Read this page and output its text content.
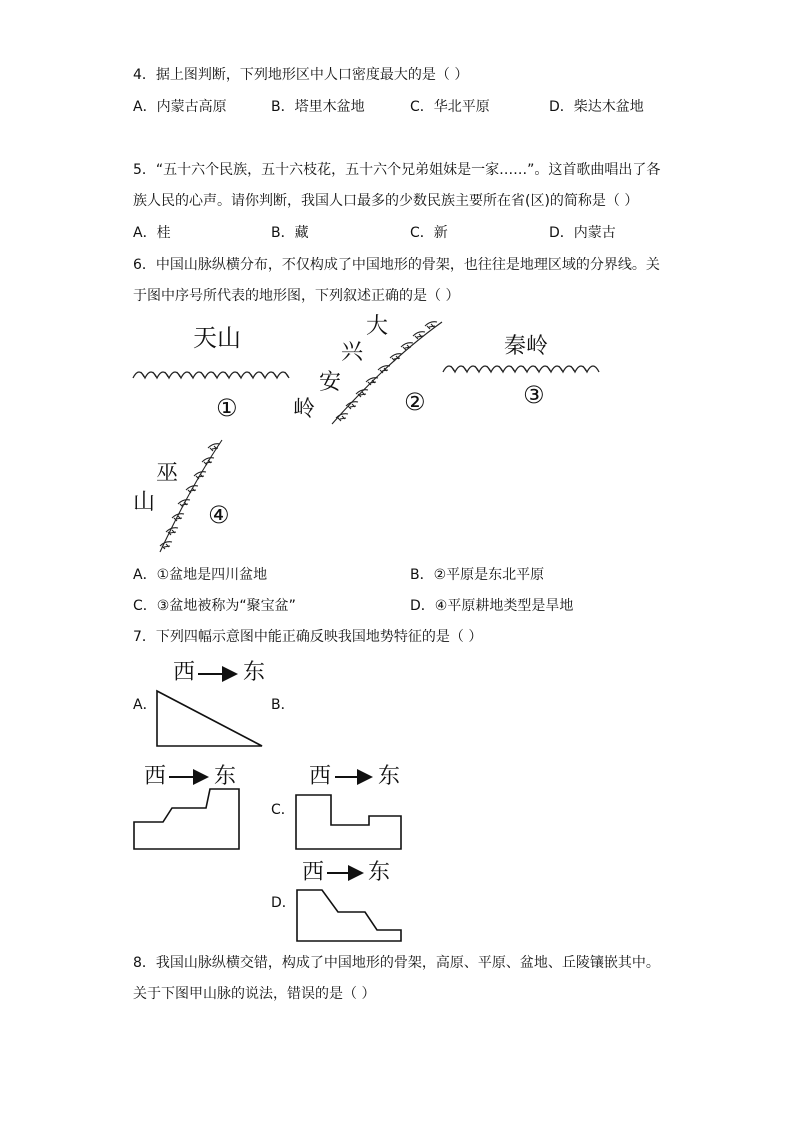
4．据上图判断，下列地形区中人口密度最大的是（ ）
A．内蒙古高原	B．塔里木盆地	C．华北平原	D．柴达木盆地
5．“五十六个民族，五十六枝花，五十六个兄弟姐妹是一家……”。这首歌曲唱出了各
族人民的心声。请你判断，我国人口最多的少数民族主要所在省(区)的简称是（ ）
A．桂	B．藏	C．新	D．内蒙古
6．中国山脉纵横分布，不仅构成了中国地形的骨架，也往往是地理区域的分界线。关
于图中序号所代表的地形图，下列叙述正确的是（ ）
天山	大
兴
安
岭
秦岭
巫
山
①	②	③
④
A．①盆地是四川盆地	B．②平原是东北平原
C．③盆地被称为“聚宝盆”	D．④平原耕地类型是旱地
7．下列四幅示意图中能正确反映我国地势特征的是（ ）
西 东
A．	B．
西 东	西 东
C．
西 东
D．
8．我国山脉纵横交错，构成了中国地形的骨架，高原、平原、盆地、丘陵镶嵌其中。
关于下图甲山脉的说法，错误的是（ ）
